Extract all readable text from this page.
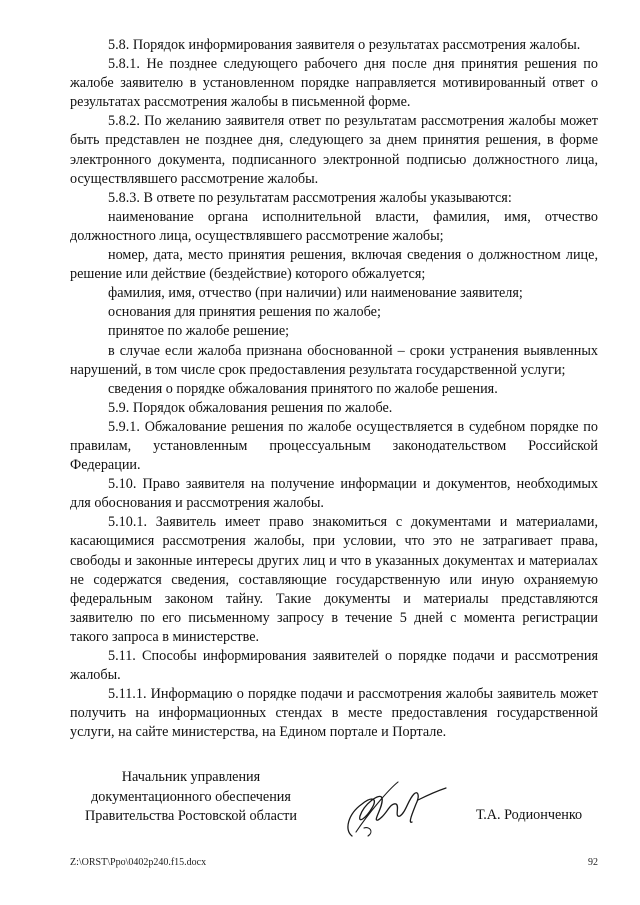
5.8. Порядок информирования заявителя о результатах рассмотрения жалобы.

5.8.1. Не позднее следующего рабочего дня после дня принятия решения по жалобе заявителю в установленном порядке направляется мотивированный ответ о результатах рассмотрения жалобы в письменной форме.

5.8.2. По желанию заявителя ответ по результатам рассмотрения жалобы может быть представлен не позднее дня, следующего за днем принятия решения, в форме электронного документа, подписанного электронной подписью должностного лица, осуществлявшего рассмотрение жалобы.

5.8.3. В ответе по результатам рассмотрения жалобы указываются:

наименование органа исполнительной власти, фамилия, имя, отчество должностного лица, осуществлявшего рассмотрение жалобы;

номер, дата, место принятия решения, включая сведения о должностном лице, решение или действие (бездействие) которого обжалуется;

фамилия, имя, отчество (при наличии) или наименование заявителя;

основания для принятия решения по жалобе;

принятое по жалобе решение;

в случае если жалоба признана обоснованной – сроки устранения выявленных нарушений, в том числе срок предоставления результата государственной услуги;

сведения о порядке обжалования принятого по жалобе решения.

5.9. Порядок обжалования решения по жалобе.

5.9.1. Обжалование решения по жалобе осуществляется в судебном порядке по правилам, установленным процессуальным законодательством Российской Федерации.

5.10. Право заявителя на получение информации и документов, необходимых для обоснования и рассмотрения жалобы.

5.10.1. Заявитель имеет право знакомиться с документами и материалами, касающимися рассмотрения жалобы, при условии, что это не затрагивает права, свободы и законные интересы других лиц и что в указанных документах и материалах не содержатся сведения, составляющие государственную или иную охраняемую федеральным законом тайну. Такие документы и материалы представляются заявителю по его письменному запросу в течение 5 дней с момента регистрации такого запроса в министерстве.

5.11. Способы информирования заявителей о порядке подачи и рассмотрения жалобы.

5.11.1. Информацию о порядке подачи и рассмотрения жалобы заявитель может получить на информационных стендах в месте предоставления государственной услуги, на сайте министерства, на Едином портале и Портале.

Начальник управления
документационного обеспечения
Правительства Ростовской области	Т.А. Родионченко
Z:\ORST\Ppo\0402p240.f15.docx	92
